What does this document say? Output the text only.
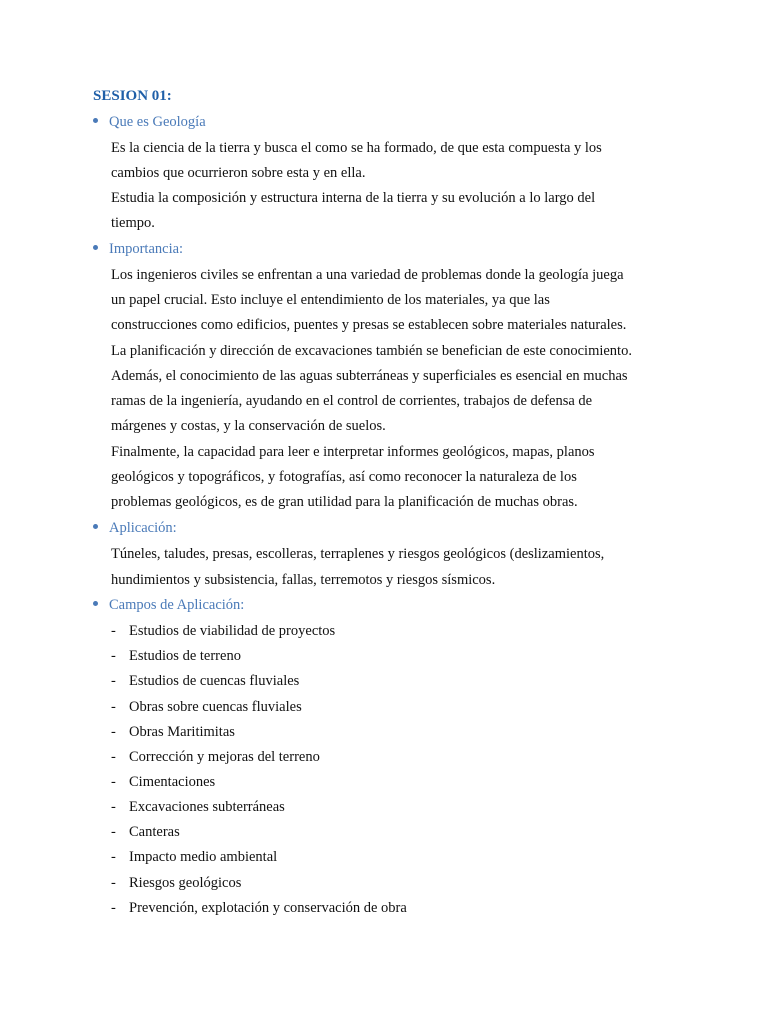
SESION 01:
Que es Geología
Es la ciencia de la tierra y busca el como se ha formado, de que esta compuesta y los
cambios que ocurrieron sobre esta y en ella.
Estudia la composición y estructura interna de la tierra y su evolución a lo largo del
tiempo.
Importancia:
Los ingenieros civiles se enfrentan a una variedad de problemas donde la geología juega
un papel crucial. Esto incluye el entendimiento de los materiales, ya que las
construcciones como edificios, puentes y presas se establecen sobre materiales naturales.
La planificación y dirección de excavaciones también se benefician de este conocimiento.
Además, el conocimiento de las aguas subterráneas y superficiales es esencial en muchas
ramas de la ingeniería, ayudando en el control de corrientes, trabajos de defensa de
márgenes y costas, y la conservación de suelos.
Finalmente, la capacidad para leer e interpretar informes geológicos, mapas, planos
geológicos y topográficos, y fotografías, así como reconocer la naturaleza de los
problemas geológicos, es de gran utilidad para la planificación de muchas obras.
Aplicación:
Túneles, taludes, presas, escolleras, terraplenes y riesgos geológicos (deslizamientos,
hundimientos y subsistencia, fallas, terremotos y riesgos sísmicos.
Campos de Aplicación:
- Estudios de viabilidad de proyectos
- Estudios de terreno
- Estudios de cuencas fluviales
- Obras sobre cuencas fluviales
- Obras Maritimitas
- Corrección y mejoras del terreno
- Cimentaciones
- Excavaciones subterráneas
- Canteras
- Impacto medio ambiental
- Riesgos geológicos
- Prevención, explotación y conservación de obra
